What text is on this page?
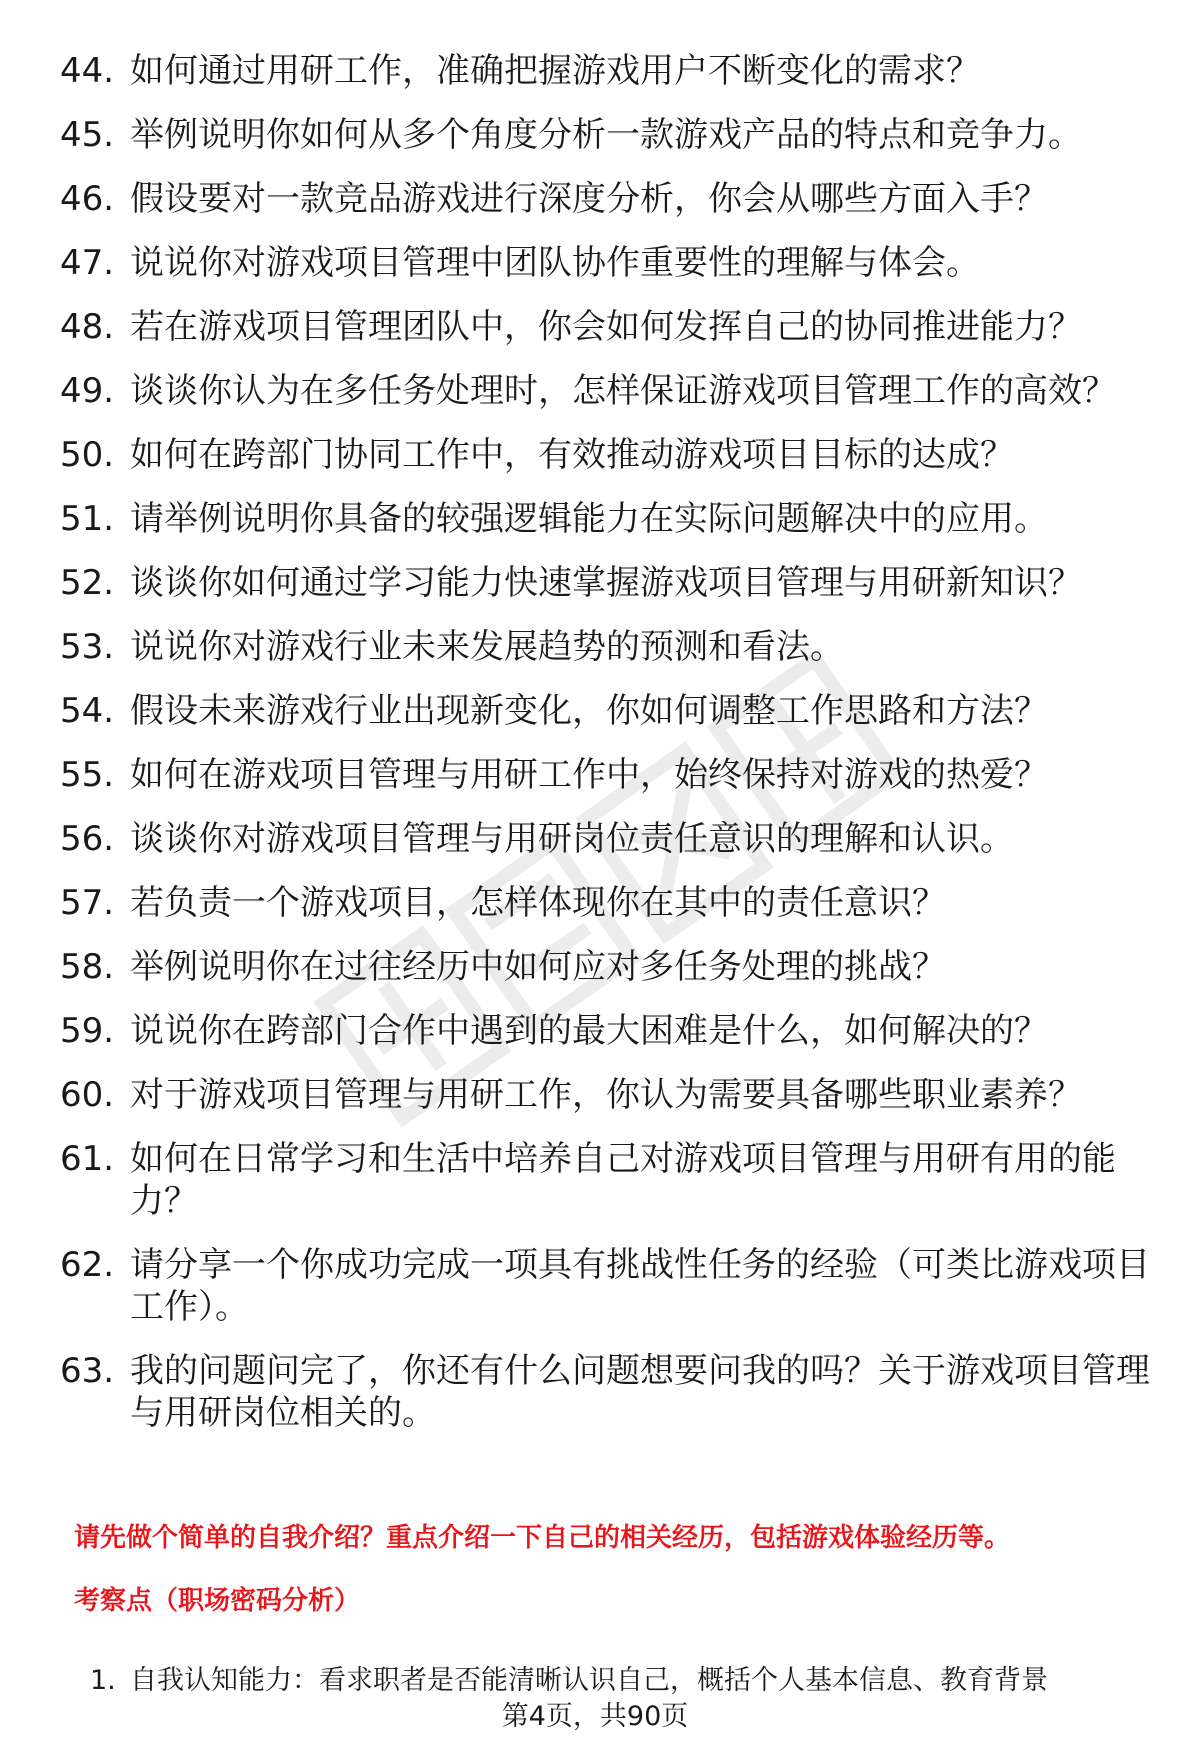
44. 如何通过用研工作，准确把握游戏用户不断变化的需求？
45. 举例说明你如何从多个角度分析一款游戏产品的特点和竞争力。
46. 假设要对一款竞品游戏进行深度分析，你会从哪些方面入手？
47. 说说你对游戏项目管理中团队协作重要性的理解与体会。
48. 若在游戏项目管理团队中，你会如何发挥自己的协同推进能力？
49. 谈谈你认为在多任务处理时，怎样保证游戏项目管理工作的高效？
50. 如何在跨部门协同工作中，有效推动游戏项目目标的达成？
51. 请举例说明你具备的较强逻辑能力在实际问题解决中的应用。
52. 谈谈你如何通过学习能力快速掌握游戏项目管理与用研新知识？
53. 说说你对游戏行业未来发展趋势的预测和看法。
54. 假设未来游戏行业出现新变化，你如何调整工作思路和方法？
55. 如何在游戏项目管理与用研工作中，始终保持对游戏的热爱？
56. 谈谈你对游戏项目管理与用研岗位责任意识的理解和认识。
57. 若负责一个游戏项目，怎样体现你在其中的责任意识？
58. 举例说明你在过往经历中如何应对多任务处理的挑战？
59. 说说你在跨部门合作中遇到的最大困难是什么，如何解决的？
60. 对于游戏项目管理与用研工作，你认为需要具备哪些职业素养？
61. 如何在日常学习和生活中培养自己对游戏项目管理与用研有用的能力？
62. 请分享一个你成功完成一项具有挑战性任务的经验（可类比游戏项目工作）。
63. 我的问题问完了，你还有什么问题想要问我的吗？关于游戏项目管理与用研岗位相关的。
请先做个简单的自我介绍？重点介绍一下自己的相关经历，包括游戏体验经历等。
考察点（职场密码分析）
1. 自我认知能力：看求职者是否能清晰认识自己，概括个人基本信息、教育背景
第4页，共90页
